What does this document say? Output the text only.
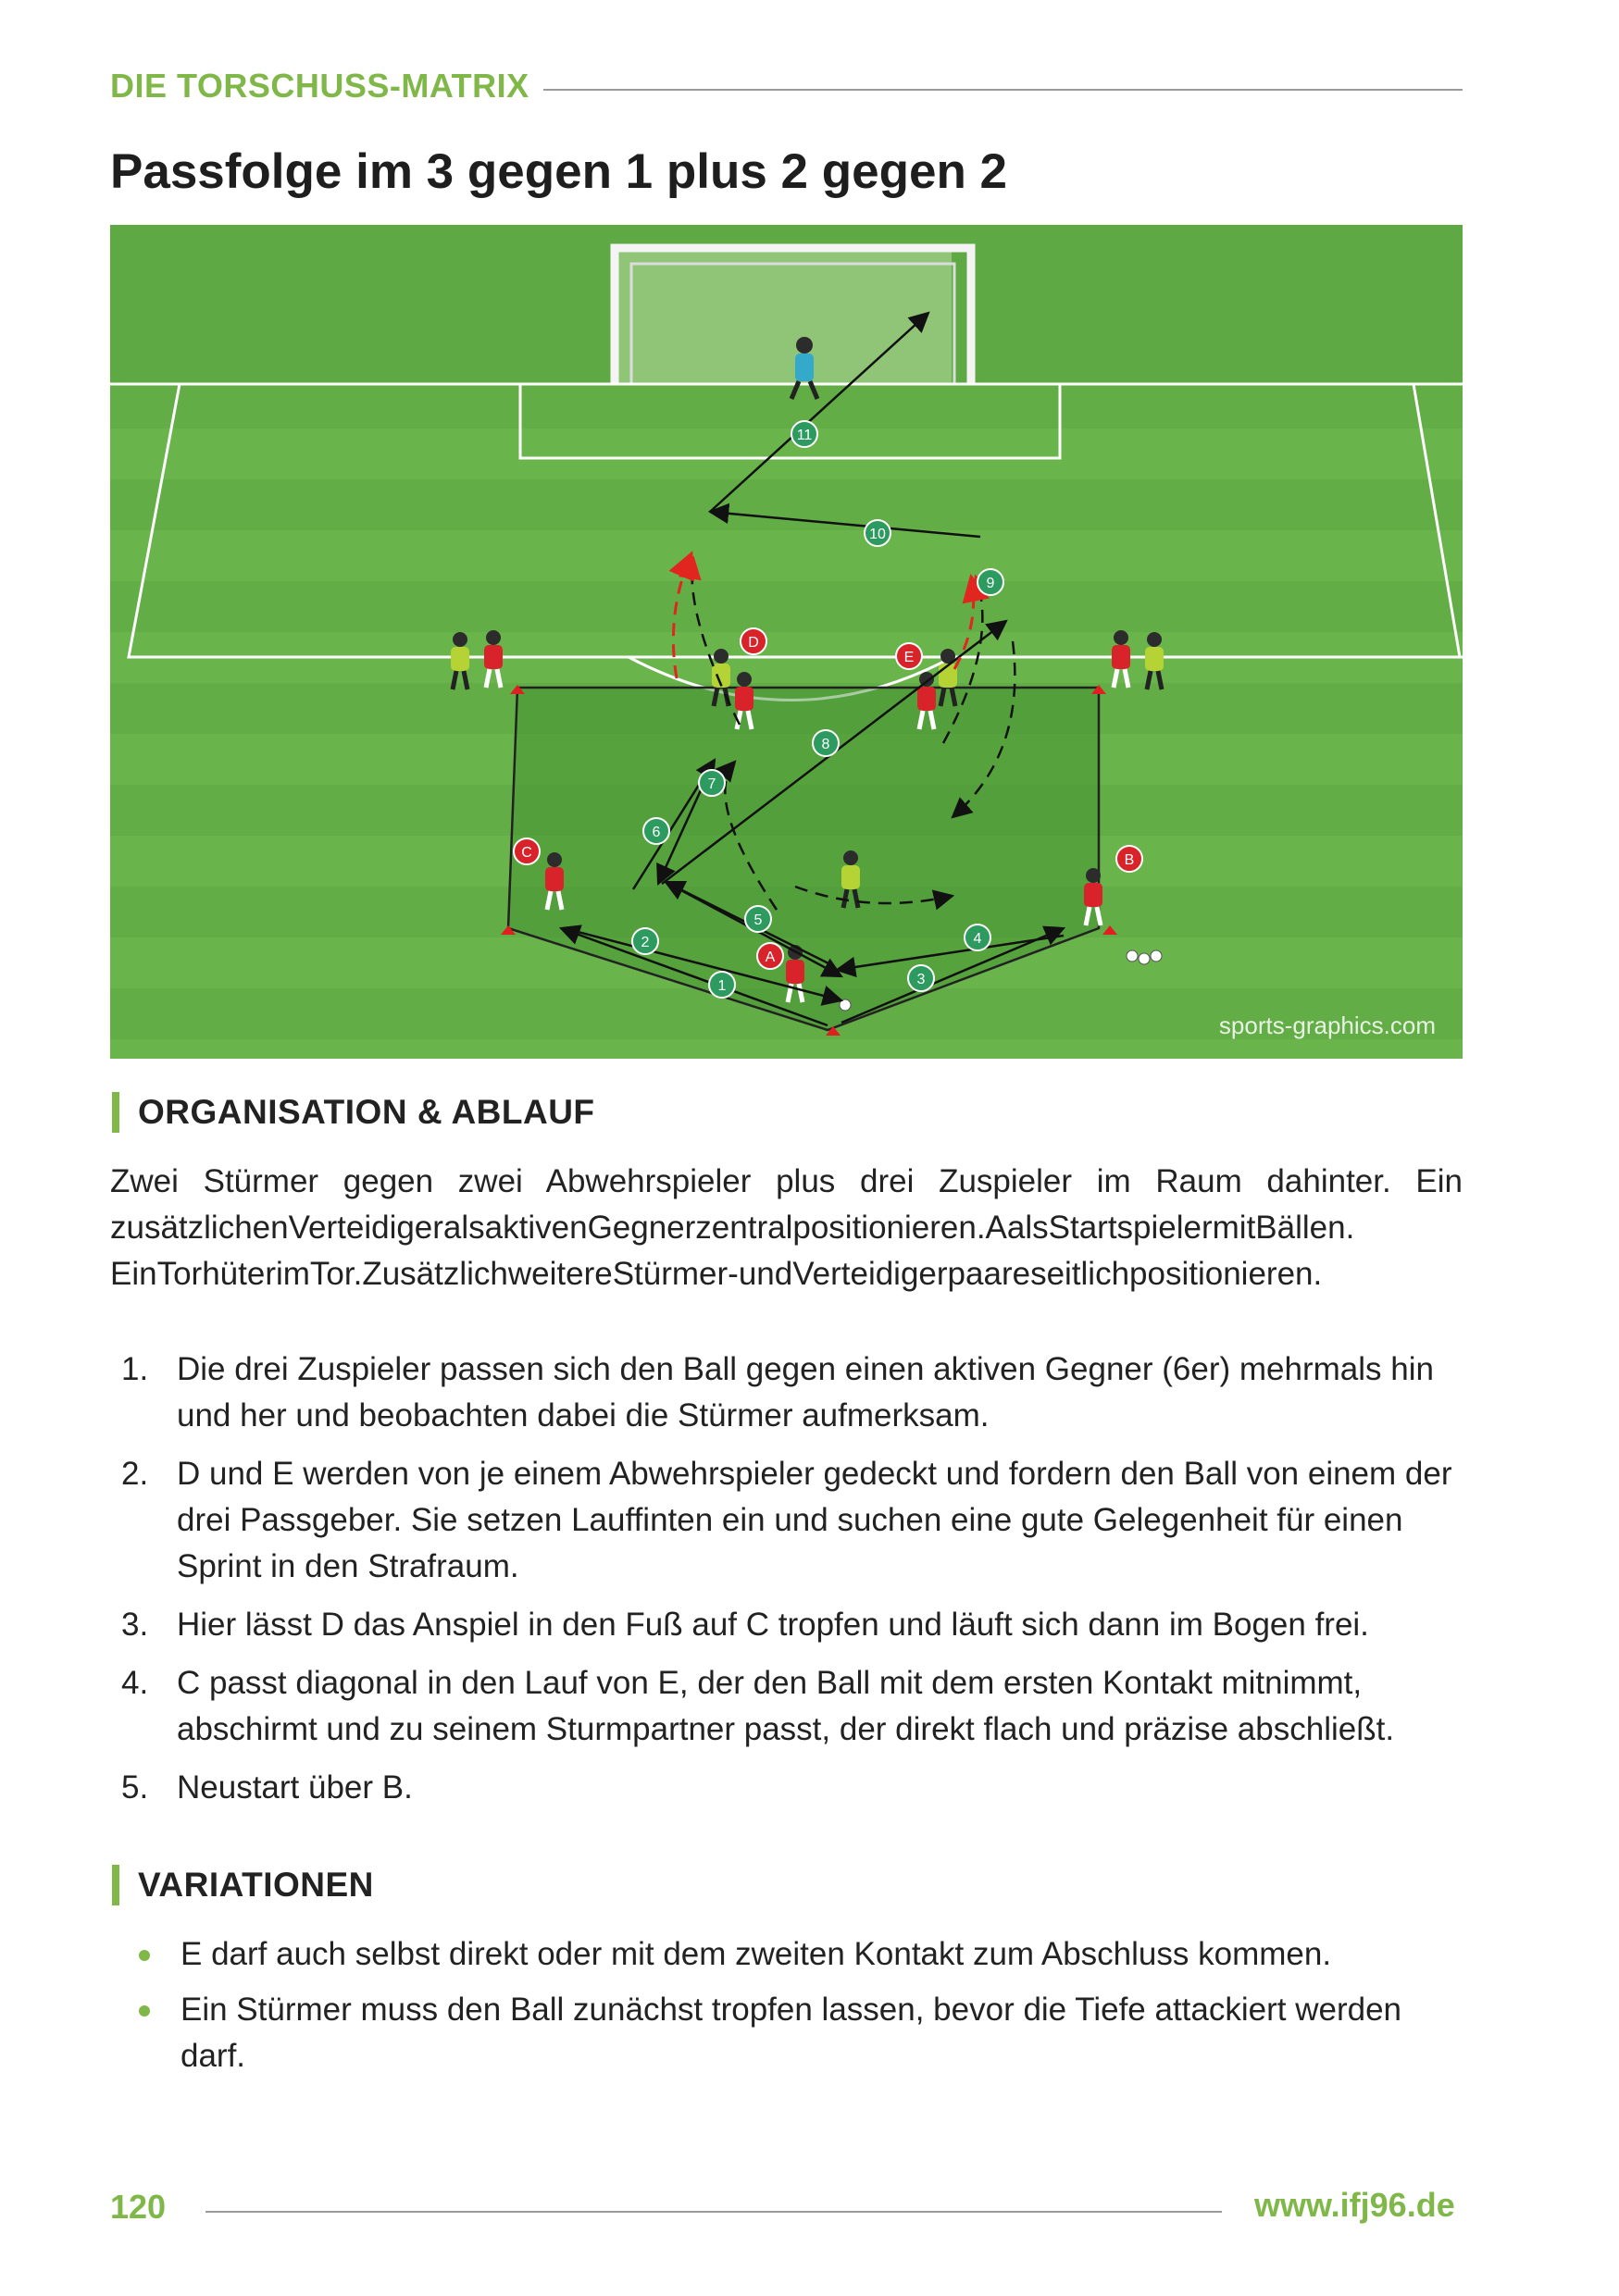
DIE TORSCHUSS-MATRIX
Passfolge im 3 gegen 1 plus 2 gegen 2
1
2
3
4
5
6
7
8
9
10
11
A
B
C
D
E
sports-graphics.com
ORGANISATION & ABLAUF

Zwei Stürmer gegen zwei Abwehrspieler plus drei Zuspieler im Raum dahinter. Ein zusätzlichenVerteidigeralsaktivenGegnerzentralpositionieren.AalsStartspielermitBällen. EinTorhüterimTor.ZusätzlichweitereStürmer-undVerteidigerpaareseitlichpositionieren.

1. Die drei Zuspieler passen sich den Ball gegen einen aktiven Gegner (6er) mehrmals hin und her und beobachten dabei die Stürmer aufmerksam.
2. D und E werden von je einem Abwehrspieler gedeckt und fordern den Ball von einem der drei Passgeber. Sie setzen Lauffinten ein und suchen eine gute Gelegenheit für einen Sprint in den Strafraum.
3. Hier lässt D das Anspiel in den Fuß auf C tropfen und läuft sich dann im Bogen frei.
4. C passt diagonal in den Lauf von E, der den Ball mit dem ersten Kontakt mitnimmt, abschirmt und zu seinem Sturmpartner passt, der direkt flach und präzise abschließt.
5. Neustart über B.
VARIATIONEN
E darf auch selbst direkt oder mit dem zweiten Kontakt zum Abschluss kommen.
Ein Stürmer muss den Ball zunächst tropfen lassen, bevor die Tiefe attackiert werden darf.
120	www.ifj96.de
